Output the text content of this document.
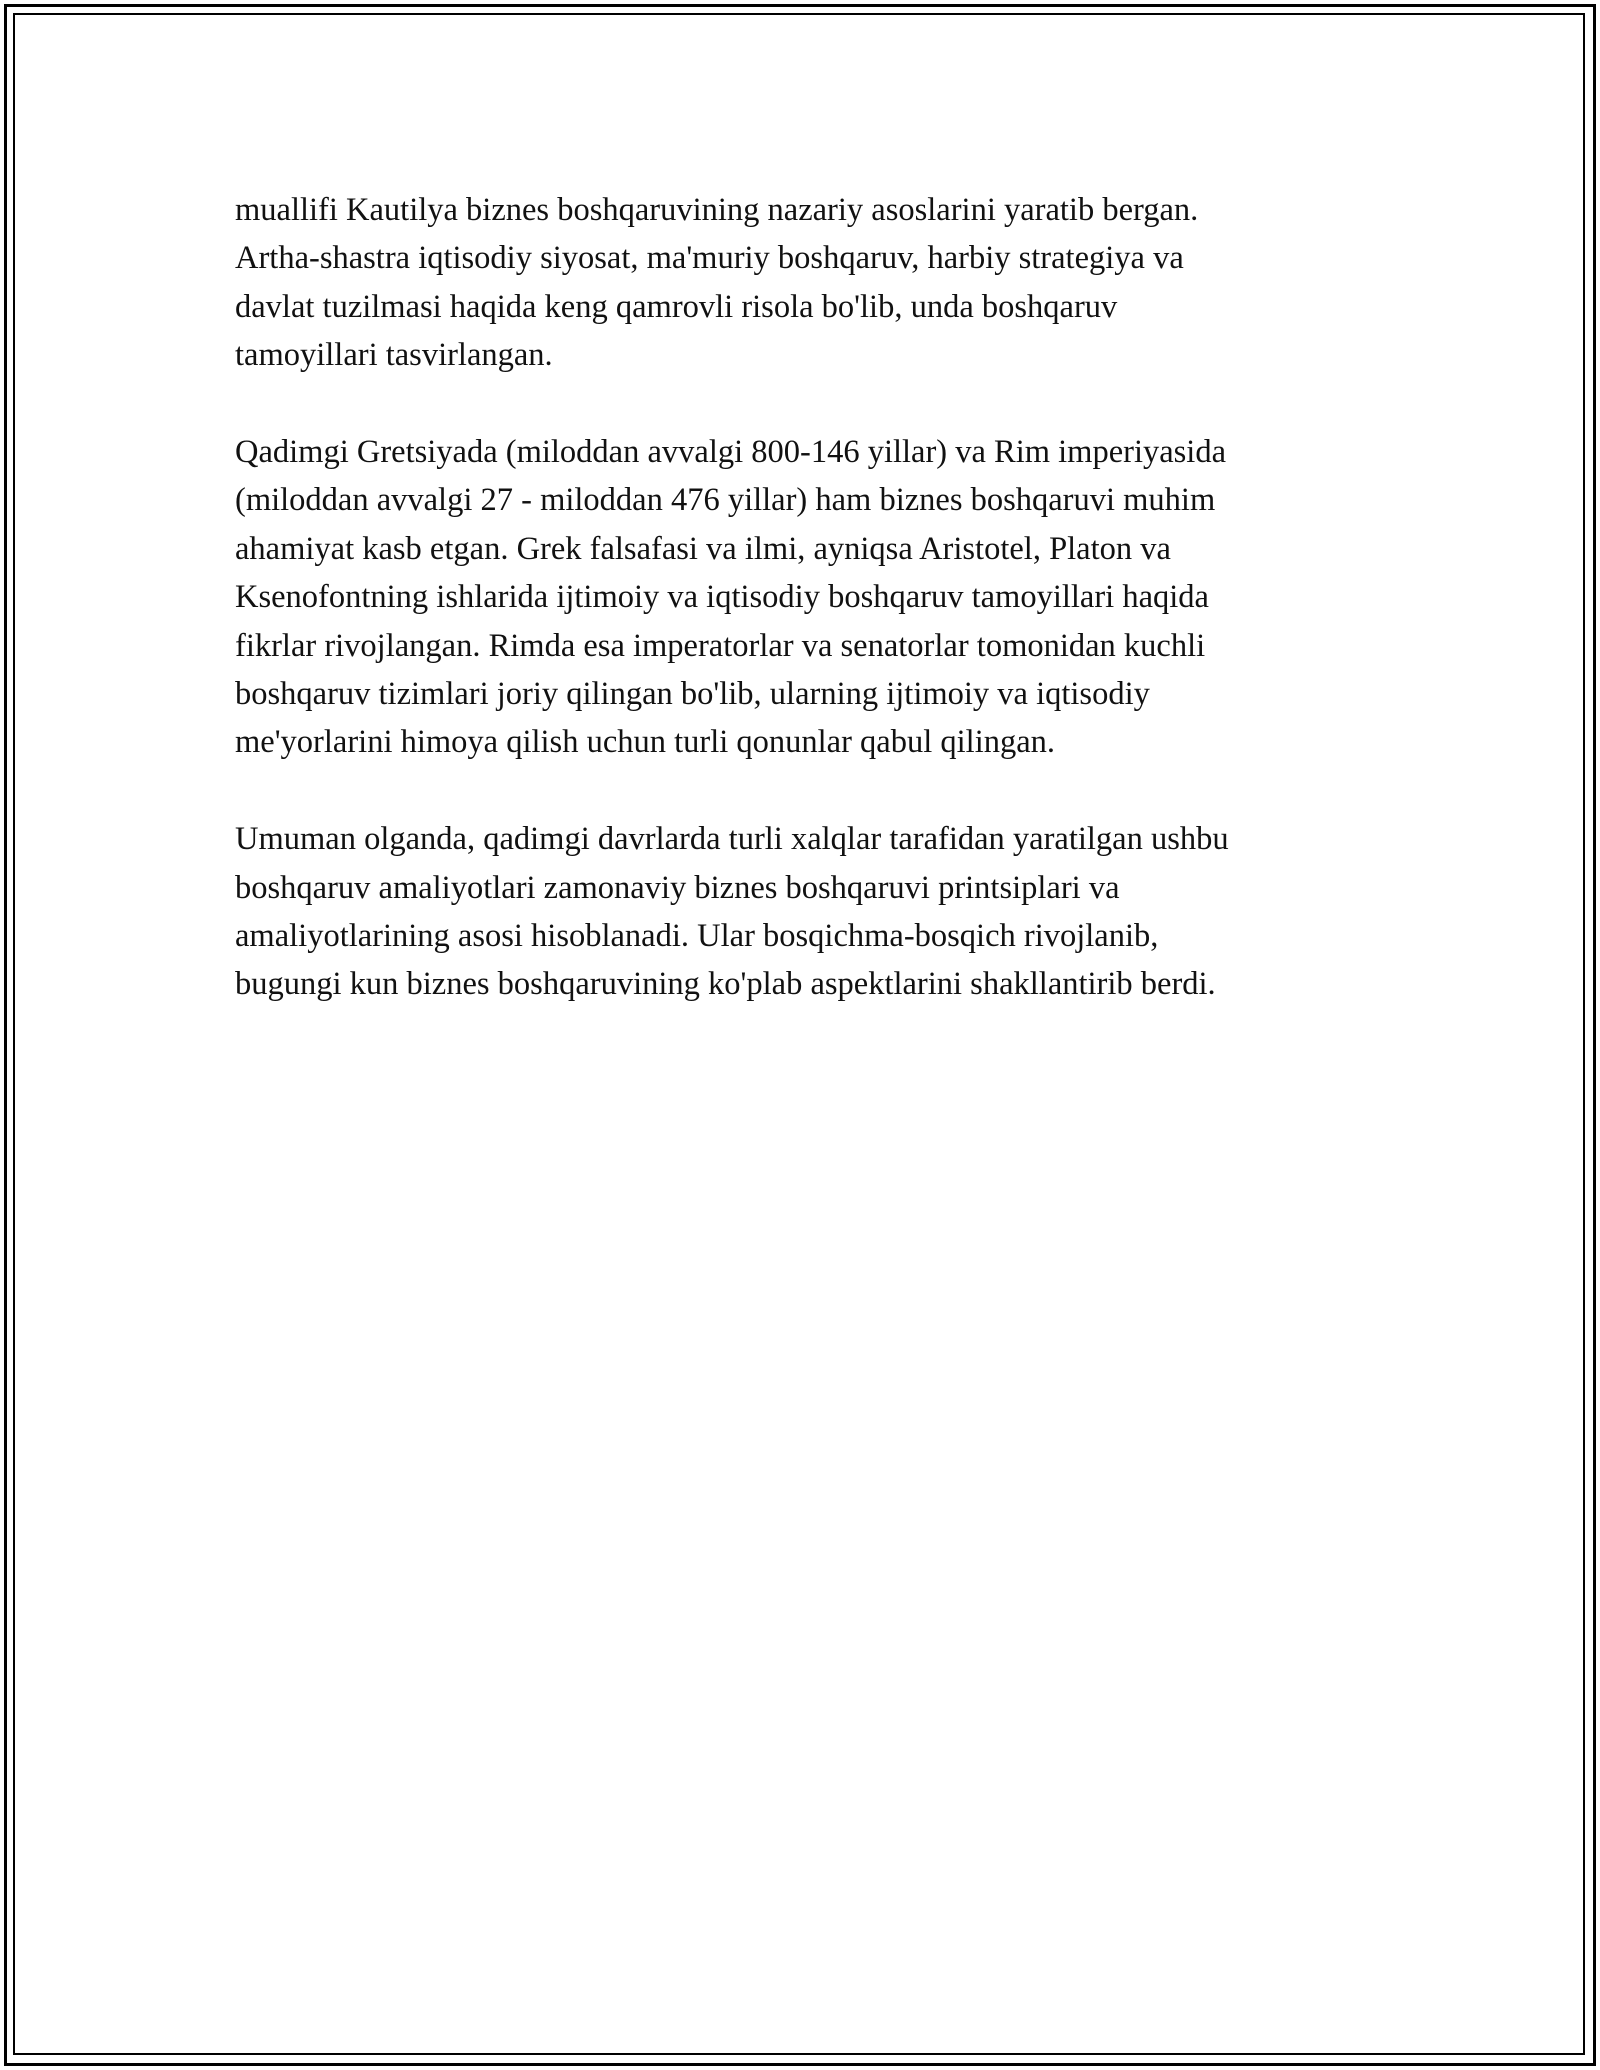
muallifi Kautilya biznes boshqaruvining nazariy asoslarini yaratib bergan.
Artha-shastra iqtisodiy siyosat, ma'muriy boshqaruv, harbiy strategiya va
davlat tuzilmasi haqida keng qamrovli risola bo'lib, unda boshqaruv
tamoyillari tasvirlangan.

Qadimgi Gretsiyada (miloddan avvalgi 800-146 yillar) va Rim imperiyasida
(miloddan avvalgi 27 - miloddan 476 yillar) ham biznes boshqaruvi muhim
ahamiyat kasb etgan. Grek falsafasi va ilmi, ayniqsa Aristotel, Platon va
Ksenofontning ishlarida ijtimoiy va iqtisodiy boshqaruv tamoyillari haqida
fikrlar rivojlangan. Rimda esa imperatorlar va senatorlar tomonidan kuchli
boshqaruv tizimlari joriy qilingan bo'lib, ularning ijtimoiy va iqtisodiy
me'yorlarini himoya qilish uchun turli qonunlar qabul qilingan.

Umuman olganda, qadimgi davrlarda turli xalqlar tarafidan yaratilgan ushbu
boshqaruv amaliyotlari zamonaviy biznes boshqaruvi printsiplari va
amaliyotlarining asosi hisoblanadi. Ular bosqichma-bosqich rivojlanib,
bugungi kun biznes boshqaruvining ko'plab aspektlarini shakllantirib berdi.
